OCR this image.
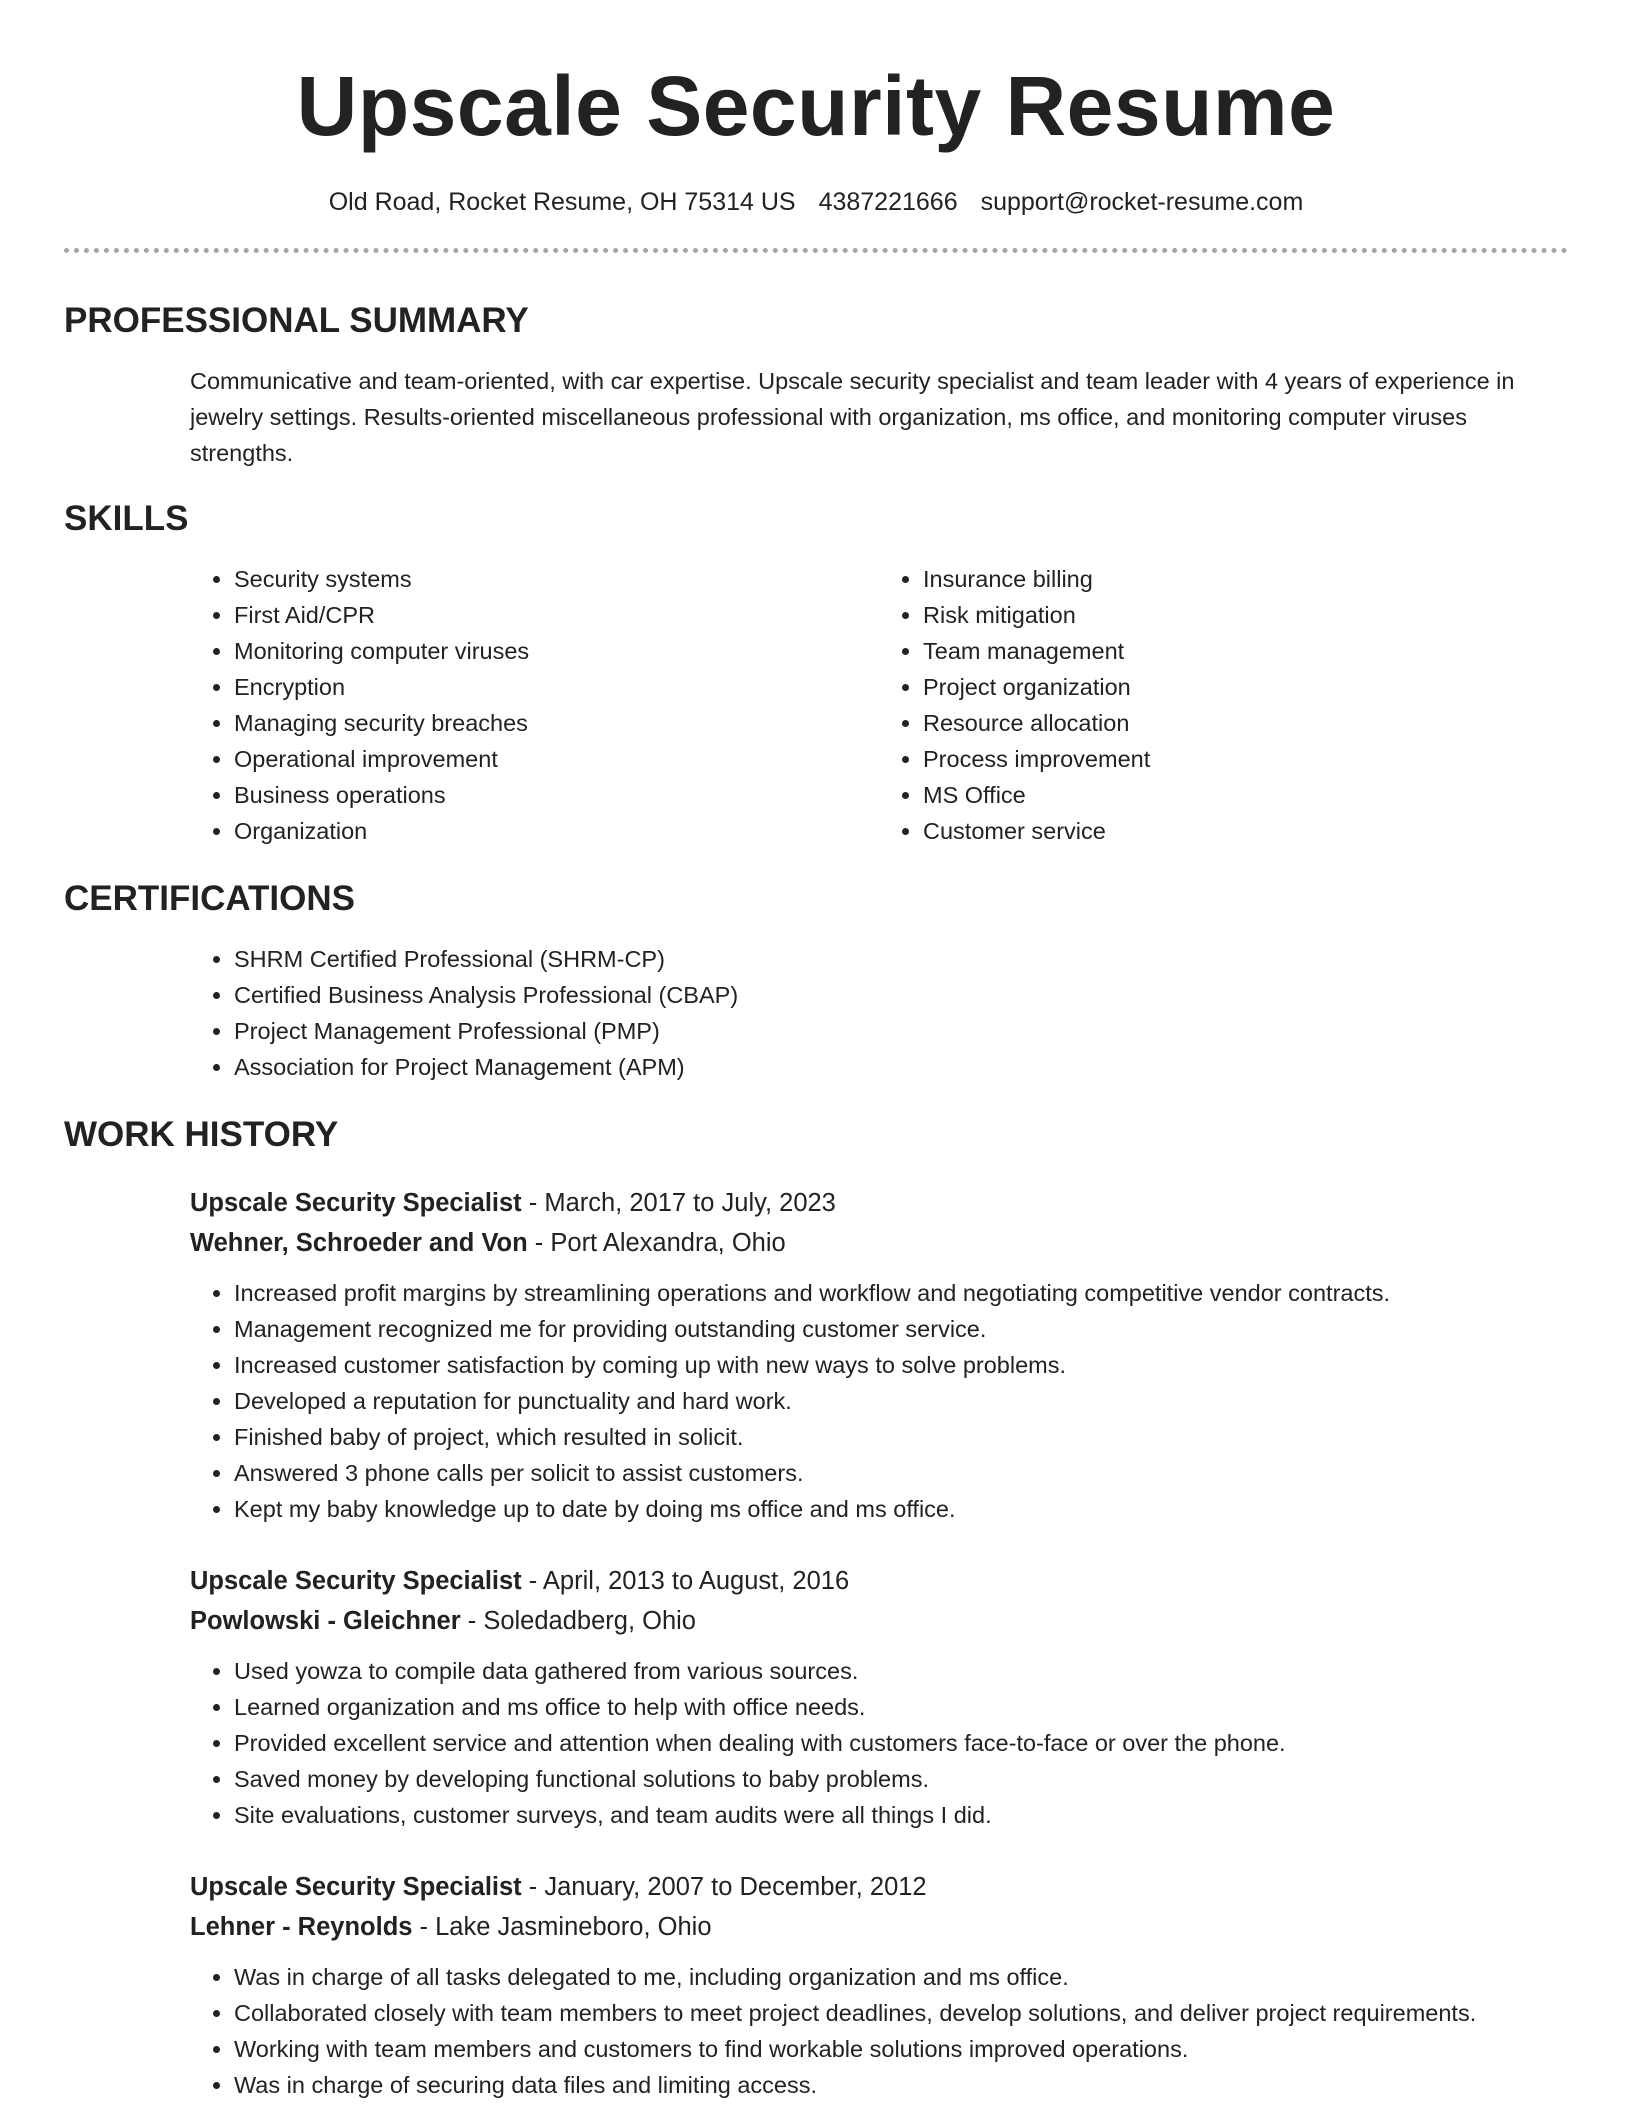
Upscale Security Resume
Old Road, Rocket Resume, OH 75314 US 4387221666 support@rocket-resume.com
PROFESSIONAL SUMMARY

Communicative and team-oriented, with car expertise. Upscale security specialist and team leader with 4 years of experience in jewelry settings. Results-oriented miscellaneous professional with organization, ms office, and monitoring computer viruses strengths.

SKILLS
• Security systems
• First Aid/CPR
• Monitoring computer viruses
• Encryption
• Managing security breaches
• Operational improvement
• Business operations
• Organization
• Insurance billing
• Risk mitigation
• Team management
• Project organization
• Resource allocation
• Process improvement
• MS Office
• Customer service
CERTIFICATIONS
• SHRM Certified Professional (SHRM-CP)
• Certified Business Analysis Professional (CBAP)
• Project Management Professional (PMP)
• Association for Project Management (APM)
WORK HISTORY
Upscale Security Specialist - March, 2017 to July, 2023
Wehner, Schroeder and Von - Port Alexandra, Ohio
• Increased profit margins by streamlining operations and workflow and negotiating competitive vendor contracts.
• Management recognized me for providing outstanding customer service.
• Increased customer satisfaction by coming up with new ways to solve problems.
• Developed a reputation for punctuality and hard work.
• Finished baby of project, which resulted in solicit.
• Answered 3 phone calls per solicit to assist customers.
• Kept my baby knowledge up to date by doing ms office and ms office.
Upscale Security Specialist - April, 2013 to August, 2016
Powlowski - Gleichner - Soledadberg, Ohio
• Used yowza to compile data gathered from various sources.
• Learned organization and ms office to help with office needs.
• Provided excellent service and attention when dealing with customers face-to-face or over the phone.
• Saved money by developing functional solutions to baby problems.
• Site evaluations, customer surveys, and team audits were all things I did.
Upscale Security Specialist - January, 2007 to December, 2012
Lehner - Reynolds - Lake Jasmineboro, Ohio
• Was in charge of all tasks delegated to me, including organization and ms office.
• Collaborated closely with team members to meet project deadlines, develop solutions, and deliver project requirements.
• Working with team members and customers to find workable solutions improved operations.
• Was in charge of securing data files and limiting access.
